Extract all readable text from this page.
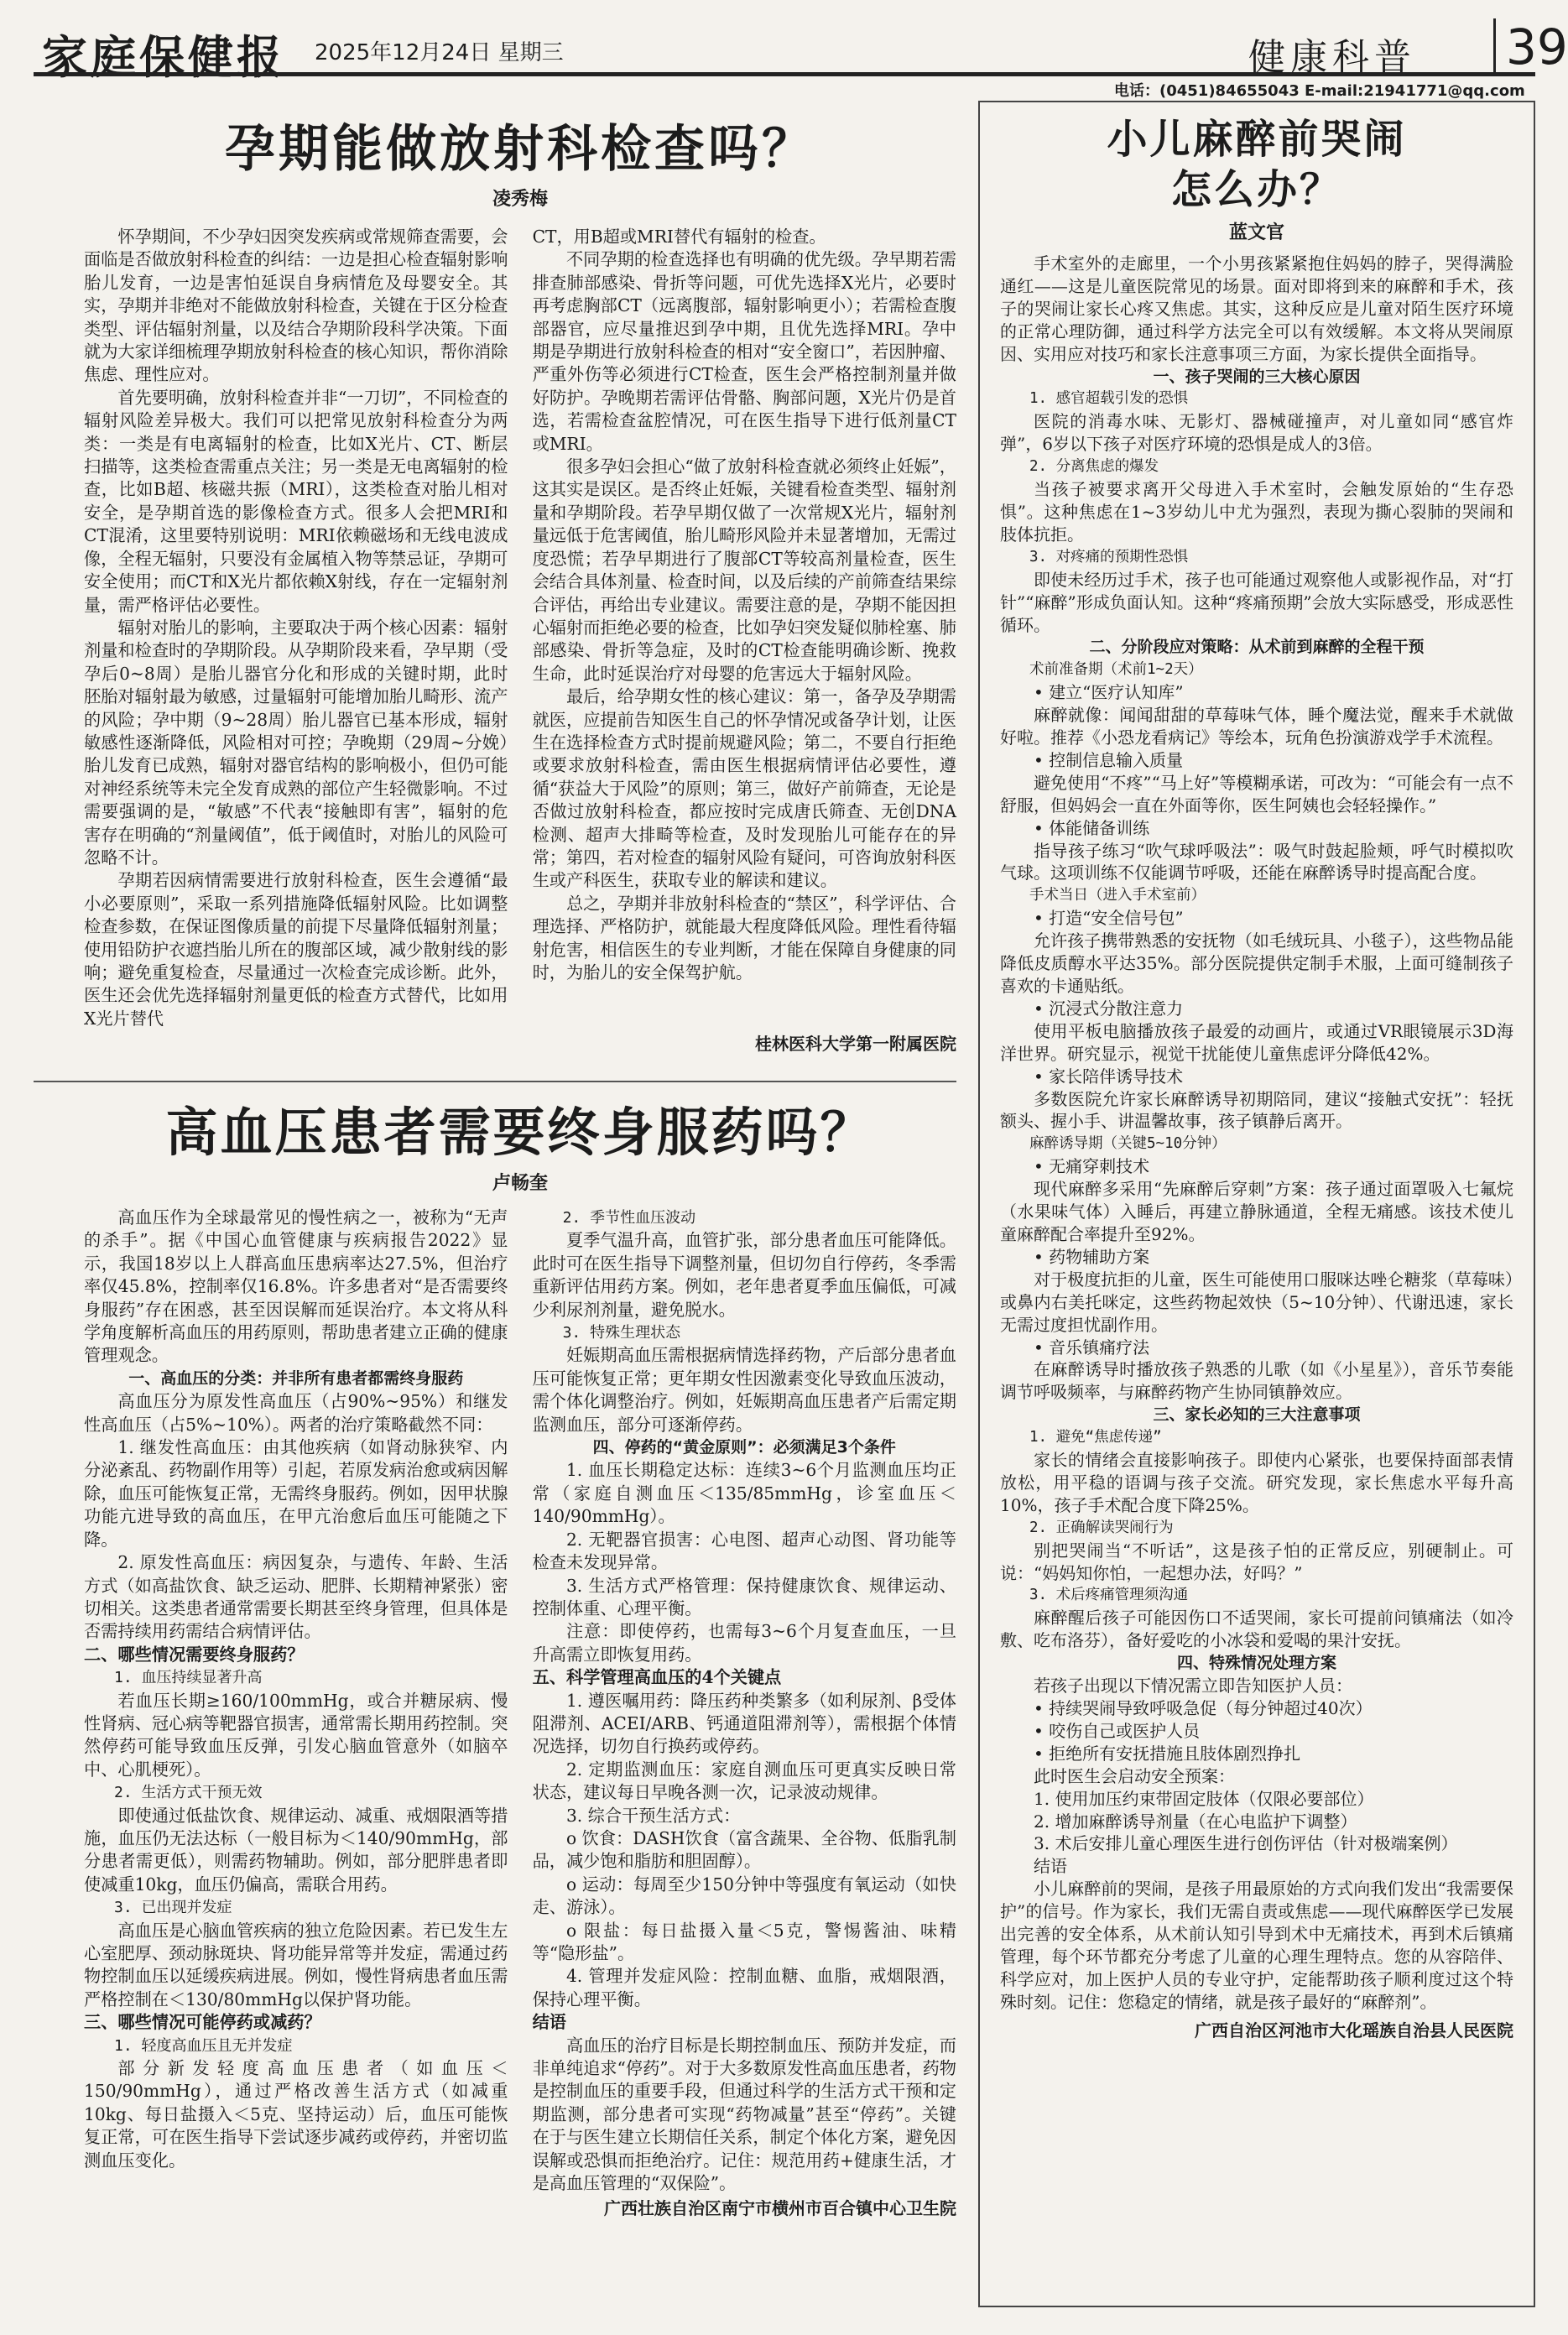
家庭保健报 2025年12月24日 星期三	健康科普 39
电话：(0451)84655043 E-mail:21941771@qq.com
孕期能做放射科检查吗？
凌秀梅

怀孕期间，不少孕妇因突发疾病或常规筛查需要，会面临是否做放射科检查的纠结：一边是担心检查辐射影响胎儿发育，一边是害怕延误自身病情危及母婴安全。其实，孕期并非绝对不能做放射科检查，关键在于区分检查类型、评估辐射剂量，以及结合孕期阶段科学决策。下面就为大家详细梳理孕期放射科检查的核心知识，帮你消除焦虑、理性应对。

首先要明确，放射科检查并非“一刀切”，不同检查的辐射风险差异极大。我们可以把常见放射科检查分为两类：一类是有电离辐射的检查，比如X光片、CT、断层扫描等，这类检查需重点关注；另一类是无电离辐射的检查，比如B超、核磁共振（MRI），这类检查对胎儿相对安全，是孕期首选的影像检查方式。很多人会把MRI和CT混淆，这里要特别说明：MRI依赖磁场和无线电波成像，全程无辐射，只要没有金属植入物等禁忌证，孕期可安全使用；而CT和X光片都依赖X射线，存在一定辐射剂量，需严格评估必要性。

辐射对胎儿的影响，主要取决于两个核心因素：辐射剂量和检查时的孕期阶段。从孕期阶段来看，孕早期（受孕后0~8周）是胎儿器官分化和形成的关键时期，此时胚胎对辐射最为敏感，过量辐射可能增加胎儿畸形、流产的风险；孕中期（9~28周）胎儿器官已基本形成，辐射敏感性逐渐降低，风险相对可控；孕晚期（29周~分娩）胎儿发育已成熟，辐射对器官结构的影响极小，但仍可能对神经系统等未完全发育成熟的部位产生轻微影响。不过需要强调的是，“敏感”不代表“接触即有害”，辐射的危害存在明确的“剂量阈值”，低于阈值时，对胎儿的风险可忽略不计。

孕期若因病情需要进行放射科检查，医生会遵循“最小必要原则”，采取一系列措施降低辐射风险。比如调整检查参数，在保证图像质量的前提下尽量降低辐射剂量；使用铅防护衣遮挡胎儿所在的腹部区域，减少散射线的影响；避免重复检查，尽量通过一次检查完成诊断。此外，医生还会优先选择辐射剂量更低的检查方式替代，比如用X光片替代

CT，用B超或MRI替代有辐射的检查。

不同孕期的检查选择也有明确的优先级。孕早期若需排查肺部感染、骨折等问题，可优先选择X光片，必要时再考虑胸部CT（远离腹部，辐射影响更小）；若需检查腹部器官，应尽量推迟到孕中期，且优先选择MRI。孕中期是孕期进行放射科检查的相对“安全窗口”，若因肿瘤、严重外伤等必须进行CT检查，医生会严格控制剂量并做好防护。孕晚期若需评估骨骼、胸部问题，X光片仍是首选，若需检查盆腔情况，可在医生指导下进行低剂量CT或MRI。

很多孕妇会担心“做了放射科检查就必须终止妊娠”，这其实是误区。是否终止妊娠，关键看检查类型、辐射剂量和孕期阶段。若孕早期仅做了一次常规X光片，辐射剂量远低于危害阈值，胎儿畸形风险并未显著增加，无需过度恐慌；若孕早期进行了腹部CT等较高剂量检查，医生会结合具体剂量、检查时间，以及后续的产前筛查结果综合评估，再给出专业建议。需要注意的是，孕期不能因担心辐射而拒绝必要的检查，比如孕妇突发疑似肺栓塞、肺部感染、骨折等急症，及时的CT检查能明确诊断、挽救生命，此时延误治疗对母婴的危害远大于辐射风险。

最后，给孕期女性的核心建议：第一，备孕及孕期需就医，应提前告知医生自己的怀孕情况或备孕计划，让医生在选择检查方式时提前规避风险；第二，不要自行拒绝或要求放射科检查，需由医生根据病情评估必要性，遵循“获益大于风险”的原则；第三，做好产前筛查，无论是否做过放射科检查，都应按时完成唐氏筛查、无创DNA检测、超声大排畸等检查，及时发现胎儿可能存在的异常；第四，若对检查的辐射风险有疑问，可咨询放射科医生或产科医生，获取专业的解读和建议。

总之，孕期并非放射科检查的“禁区”，科学评估、合理选择、严格防护，就能最大程度降低风险。理性看待辐射危害，相信医生的专业判断，才能在保障自身健康的同时，为胎儿的安全保驾护航。

桂林医科大学第一附属医院
高血压患者需要终身服药吗？
卢畅奎

高血压作为全球最常见的慢性病之一，被称为“无声的杀手”。据《中国心血管健康与疾病报告2022》显示，我国18岁以上人群高血压患病率达27.5%，但治疗率仅45.8%，控制率仅16.8%。许多患者对“是否需要终身服药”存在困惑，甚至因误解而延误治疗。本文将从科学角度解析高血压的用药原则，帮助患者建立正确的健康管理观念。

一、高血压的分类：并非所有患者都需终身服药

高血压分为原发性高血压（占90%~95%）和继发性高血压（占5%~10%）。两者的治疗策略截然不同：

1. 继发性高血压：由其他疾病（如肾动脉狭窄、内分泌紊乱、药物副作用等）引起，若原发病治愈或病因解除，血压可能恢复正常，无需终身服药。例如，因甲状腺功能亢进导致的高血压，在甲亢治愈后血压可能随之下降。

2. 原发性高血压：病因复杂，与遗传、年龄、生活方式（如高盐饮食、缺乏运动、肥胖、长期精神紧张）密切相关。这类患者通常需要长期甚至终身管理，但具体是否需持续用药需结合病情评估。

二、哪些情况需要终身服药？

1. 血压持续显著升高

若血压长期≥160/100mmHg，或合并糖尿病、慢性肾病、冠心病等靶器官损害，通常需长期用药控制。突然停药可能导致血压反弹，引发心脑血管意外（如脑卒中、心肌梗死）。

2. 生活方式干预无效

即使通过低盐饮食、规律运动、减重、戒烟限酒等措施，血压仍无法达标（一般目标为＜140/90mmHg，部分患者需更低），则需药物辅助。例如，部分肥胖患者即使减重10kg，血压仍偏高，需联合用药。

3. 已出现并发症

高血压是心脑血管疾病的独立危险因素。若已发生左心室肥厚、颈动脉斑块、肾功能异常等并发症，需通过药物控制血压以延缓疾病进展。例如，慢性肾病患者血压需严格控制在＜130/80mmHg以保护肾功能。

三、哪些情况可能停药或减药？

1. 轻度高血压且无并发症

部分新发轻度高血压患者（如血压＜150/90mmHg），通过严格改善生活方式（如减重10kg、每日盐摄入＜5克、坚持运动）后，血压可能恢复正常，可在医生指导下尝试逐步减药或停药，并密切监测血压变化。

2. 季节性血压波动

夏季气温升高，血管扩张，部分患者血压可能降低。此时可在医生指导下调整剂量，但切勿自行停药，冬季需重新评估用药方案。例如，老年患者夏季血压偏低，可减少利尿剂剂量，避免脱水。

3. 特殊生理状态

妊娠期高血压需根据病情选择药物，产后部分患者血压可能恢复正常；更年期女性因激素变化导致血压波动，需个体化调整治疗。例如，妊娠期高血压患者产后需定期监测血压，部分可逐渐停药。

四、停药的“黄金原则”：必须满足3个条件

1. 血压长期稳定达标：连续3~6个月监测血压均正常（家庭自测血压＜135/85mmHg，诊室血压＜140/90mmHg）。

2. 无靶器官损害：心电图、超声心动图、肾功能等检查未发现异常。

3. 生活方式严格管理：保持健康饮食、规律运动、控制体重、心理平衡。

注意：即使停药，也需每3~6个月复查血压，一旦升高需立即恢复用药。

五、科学管理高血压的4个关键点

1. 遵医嘱用药：降压药种类繁多（如利尿剂、β受体阻滞剂、ACEI/ARB、钙通道阻滞剂等），需根据个体情况选择，切勿自行换药或停药。

2. 定期监测血压：家庭自测血压可更真实反映日常状态，建议每日早晚各测一次，记录波动规律。

3. 综合干预生活方式：

o 饮食：DASH饮食（富含蔬果、全谷物、低脂乳制品，减少饱和脂肪和胆固醇）。

o 运动：每周至少150分钟中等强度有氧运动（如快走、游泳）。

o 限盐：每日盐摄入量＜5克，警惕酱油、味精等“隐形盐”。

4. 管理并发症风险：控制血糖、血脂，戒烟限酒，保持心理平衡。

结语

高血压的治疗目标是长期控制血压、预防并发症，而非单纯追求“停药”。对于大多数原发性高血压患者，药物是控制血压的重要手段，但通过科学的生活方式干预和定期监测，部分患者可实现“药物减量”甚至“停药”。关键在于与医生建立长期信任关系，制定个体化方案，避免因误解或恐惧而拒绝治疗。记住：规范用药+健康生活，才是高血压管理的“双保险”。

广西壮族自治区南宁市横州市百合镇中心卫生院
小儿麻醉前哭闹
怎么办？
蓝文官

手术室外的走廊里，一个小男孩紧紧抱住妈妈的脖子，哭得满脸通红——这是儿童医院常见的场景。面对即将到来的麻醉和手术，孩子的哭闹让家长心疼又焦虑。其实，这种反应是儿童对陌生医疗环境的正常心理防御，通过科学方法完全可以有效缓解。本文将从哭闹原因、实用应对技巧和家长注意事项三方面，为家长提供全面指导。

一、孩子哭闹的三大核心原因

1. 感官超载引发的恐惧

医院的消毒水味、无影灯、器械碰撞声，对儿童如同“感官炸弹”，6岁以下孩子对医疗环境的恐惧是成人的3倍。

2. 分离焦虑的爆发

当孩子被要求离开父母进入手术室时，会触发原始的“生存恐惧”。这种焦虑在1~3岁幼儿中尤为强烈，表现为撕心裂肺的哭闹和肢体抗拒。

3. 对疼痛的预期性恐惧

即使未经历过手术，孩子也可能通过观察他人或影视作品，对“打针”“麻醉”形成负面认知。这种“疼痛预期”会放大实际感受，形成恶性循环。

二、分阶段应对策略：从术前到麻醉的全程干预

术前准备期（术前1~2天）

• 建立“医疗认知库”

麻醉就像：闻闻甜甜的草莓味气体，睡个魔法觉，醒来手术就做好啦。推荐《小恐龙看病记》等绘本，玩角色扮演游戏学手术流程。

• 控制信息输入质量

避免使用“不疼”“马上好”等模糊承诺，可改为：“可能会有一点不舒服，但妈妈会一直在外面等你，医生阿姨也会轻轻操作。”

• 体能储备训练

指导孩子练习“吹气球呼吸法”：吸气时鼓起脸颊，呼气时模拟吹气球。这项训练不仅能调节呼吸，还能在麻醉诱导时提高配合度。

手术当日（进入手术室前）

• 打造“安全信号包”

允许孩子携带熟悉的安抚物（如毛绒玩具、小毯子），这些物品能降低皮质醇水平达35%。部分医院提供定制手术服，上面可缝制孩子喜欢的卡通贴纸。

• 沉浸式分散注意力

使用平板电脑播放孩子最爱的动画片，或通过VR眼镜展示3D海洋世界。研究显示，视觉干扰能使儿童焦虑评分降低42%。

• 家长陪伴诱导技术

多数医院允许家长麻醉诱导初期陪同，建议“接触式安抚”：轻抚额头、握小手、讲温馨故事，孩子镇静后离开。

麻醉诱导期（关键5~10分钟）

• 无痛穿刺技术

现代麻醉多采用“先麻醉后穿刺”方案：孩子通过面罩吸入七氟烷（水果味气体）入睡后，再建立静脉通道，全程无痛感。该技术使儿童麻醉配合率提升至92%。

• 药物辅助方案

对于极度抗拒的儿童，医生可能使用口服咪达唑仑糖浆（草莓味）或鼻内右美托咪定，这些药物起效快（5~10分钟）、代谢迅速，家长无需过度担忧副作用。

• 音乐镇痛疗法

在麻醉诱导时播放孩子熟悉的儿歌（如《小星星》），音乐节奏能调节呼吸频率，与麻醉药物产生协同镇静效应。

三、家长必知的三大注意事项

1. 避免“焦虑传递”

家长的情绪会直接影响孩子。即使内心紧张，也要保持面部表情放松，用平稳的语调与孩子交流。研究发现，家长焦虑水平每升高10%，孩子手术配合度下降25%。

2. 正确解读哭闹行为

别把哭闹当“不听话”，这是孩子怕的正常反应，别硬制止。可说：“妈妈知你怕，一起想办法，好吗？”

3. 术后疼痛管理须沟通

麻醉醒后孩子可能因伤口不适哭闹，家长可提前问镇痛法（如冷敷、吃布洛芬），备好爱吃的小冰袋和爱喝的果汁安抚。

四、特殊情况处理方案

若孩子出现以下情况需立即告知医护人员：

• 持续哭闹导致呼吸急促（每分钟超过40次）

• 咬伤自己或医护人员

• 拒绝所有安抚措施且肢体剧烈挣扎

此时医生会启动安全预案：

1. 使用加压约束带固定肢体（仅限必要部位）

2. 增加麻醉诱导剂量（在心电监护下调整）

3. 术后安排儿童心理医生进行创伤评估（针对极端案例）

结语

小儿麻醉前的哭闹，是孩子用最原始的方式向我们发出“我需要保护”的信号。作为家长，我们无需自责或焦虑——现代麻醉医学已发展出完善的安全体系，从术前认知引导到术中无痛技术，再到术后镇痛管理，每个环节都充分考虑了儿童的心理生理特点。您的从容陪伴、科学应对，加上医护人员的专业守护，定能帮助孩子顺利度过这个特殊时刻。记住：您稳定的情绪，就是孩子最好的“麻醉剂”。

广西自治区河池市大化瑶族自治县人民医院
